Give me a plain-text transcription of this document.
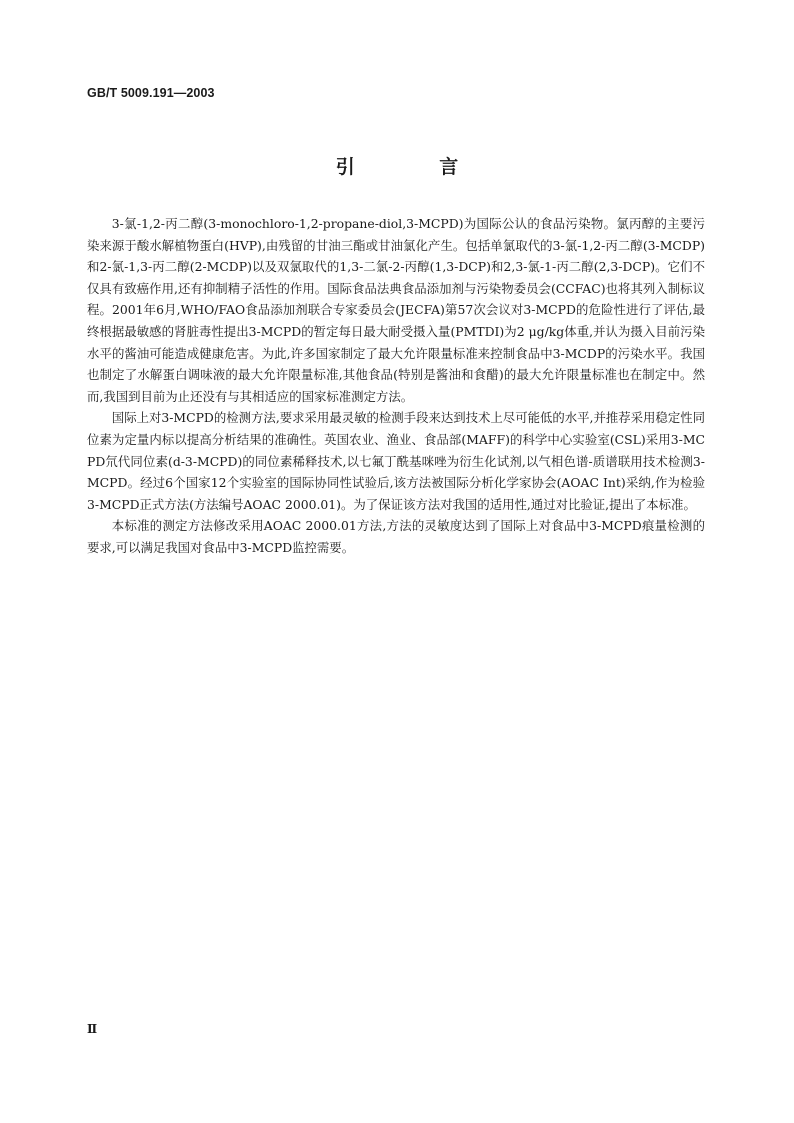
GB/T 5009.191—2003
引 言

3-氯-1,2-丙二醇(3-monochloro-1,2-propane-diol,3-MCPD)为国际公认的食品污染物。氯丙醇的主要污染来源于酸水解植物蛋白(HVP),由残留的甘油三酯或甘油氯化产生。包括单氯取代的3-氯-1,2-丙二醇(3-MCDP)和2-氯-1,3-丙二醇(2-MCDP)以及双氯取代的1,3-二氯-2-丙醇(1,3-DCP)和2,3-氯-1-丙二醇(2,3-DCP)。它们不仅具有致癌作用,还有抑制精子活性的作用。国际食品法典食品添加剂与污染物委员会(CCFAC)也将其列入制标议程。2001年6月,WHO/FAO食品添加剂联合专家委员会(JECFA)第57次会议对3-MCPD的危险性进行了评估,最终根据最敏感的肾脏毒性提出3-MCPD的暂定每日最大耐受摄入量(PMTDI)为2 μg/kg体重,并认为摄入目前污染水平的酱油可能造成健康危害。为此,许多国家制定了最大允许限量标准来控制食品中3-MCDP的污染水平。我国也制定了水解蛋白调味液的最大允许限量标准,其他食品(特别是酱油和食醋)的最大允许限量标准也在制定中。然而,我国到目前为止还没有与其相适应的国家标准测定方法。

国际上对3-MCPD的检测方法,要求采用最灵敏的检测手段来达到技术上尽可能低的水平,并推荐采用稳定性同位素为定量内标以提高分析结果的准确性。英国农业、渔业、食品部(MAFF)的科学中心实验室(CSL)采用3-MCPD氘代同位素(d-3-MCPD)的同位素稀释技术,以七氟丁酰基咪唑为衍生化试剂,以气相色谱-质谱联用技术检测3-MCPD。经过6个国家12个实验室的国际协同性试验后,该方法被国际分析化学家协会(AOAC Int)采纳,作为检验3-MCPD正式方法(方法编号AOAC 2000.01)。为了保证该方法对我国的适用性,通过对比验证,提出了本标准。

本标准的测定方法修改采用AOAC 2000.01方法,方法的灵敏度达到了国际上对食品中3-MCPD痕量检测的要求,可以满足我国对食品中3-MCPD监控需要。

Ⅱ
